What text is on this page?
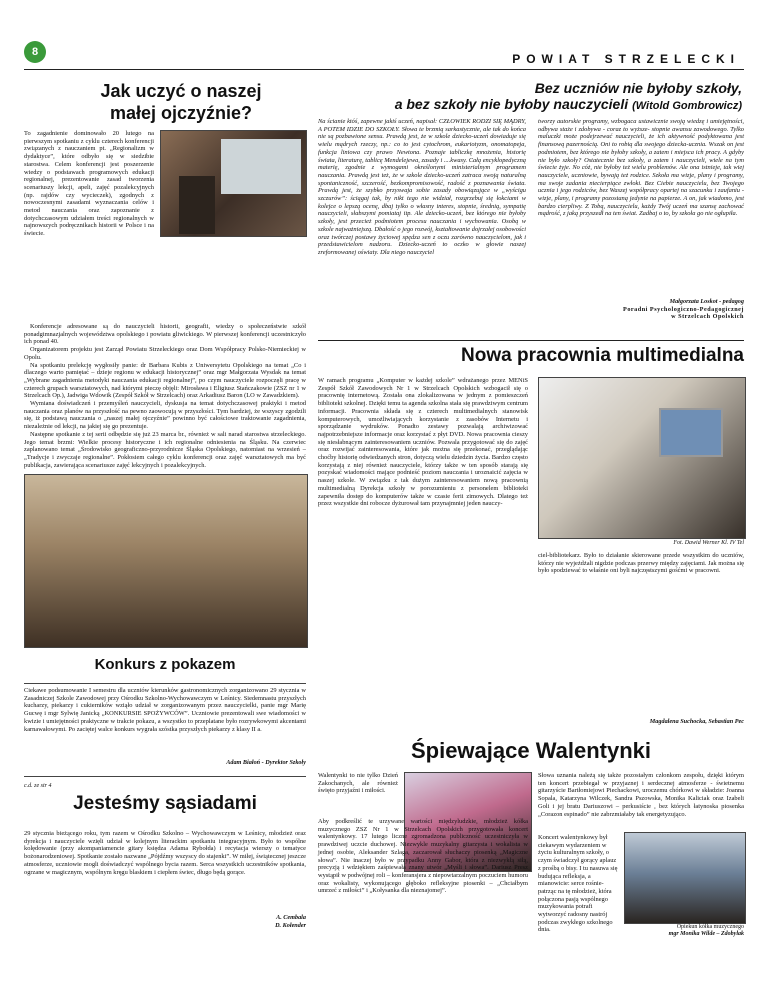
8	POWIAT STRZELECKI
Jak uczyć o naszej małej ojczyźnie?
To zagadnienie dominowało 20 lutego na pierwszym spotkaniu z cyklu czterech konferencji związanych z nauczaniem pt. „Regionalizm w dydaktyce”, które odbyło się w siedzibie starostwa. Celem konferencji jest poszerzenie wiedzy o podstawach programowych edukacji regionalnej, prezentowanie zasad tworzenia scenariuszy lekcji, apeli, zajęć pozalekcyjnych (np. rajdów czy wycieczek), zgodnych z nowoczesnymi zasadami wyznaczania celów i metod nauczania oraz zapoznanie z dotychczasowym udziałem treści regionalnych w najnowszych podręcznikach historii w Polsce i na świecie.

Konferencje adresowane są do nauczycieli historii, geografii, wiedzy o społeczeństwie szkół ponadgimnazjalnych województwa opolskiego i powiatu gliwickiego. W pierwszej konferencji uczestniczyło ich ponad 40.

Organizatorem projektu jest Zarząd Powiatu Strzeleckiego oraz Dom Współpracy Polsko-Niemieckiej w Opolu.

Na spotkaniu prelekcję wygłosiły panie: dr Barbara Kubis z Uniwersytetu Opolskiego na temat „Co i dlaczego warto pamiętać – dzieje regionu w edukacji historycznej” oraz mgr Małgorzata Wysdak na temat „Wybrane zagadnienia metodyki nauczania edukacji regionalnej”, po czym nauczyciele rozpoczęli pracę w czterech grupach warsztatowych, nad którymi pieczę objęli: Mirosława i Eligiusz Stańczakowie (ZSZ nr 1 w Strzelcach Op.), Jadwiga Wdowik (Zespół Szkół w Strzelcach) oraz Arkadiusz Baron (LO w Zawadzkiem).

Wymiana doświadczeń i przemyśleń nauczycieli, dyskusja na temat dotychczasowej praktyki i metod nauczania oraz planów na przyszłość na pewno zaowocują w przyszłości. Tym bardziej, że wszyscy zgodzili się, iż podstawą nauczania o „naszej małej ojczyźnie” powinno być całościowe traktowanie zagadnienia, niezależnie od lekcji, na jakiej się go prezentuje.

Następne spotkanie z tej serii odbędzie się już 23 marca br., również w sali narad starostwa strzeleckiego. Jego temat brzmi: Wielkie procesy historyczne i ich regionalne odniesienia na Śląsku. Na czerwiec zaplanowano temat „Środowisko geograficzno-przyrodnicze Śląska Opolskiego, natomiast na wrzesień – „Tradycje i zwyczaje regionalne”. Pokłosiem całego cyklu konferencji oraz zajęć warsztatowych ma być publikacja, zawierająca scenariusze zajęć lekcyjnych i pozalekcyjnych.

Bez uczniów nie byłoby szkoły,
a bez szkoły nie byłoby nauczycieli (Witold Gombrowicz)
Na ścianie któś, zapewne jakiś uczeń, napisał: CZŁOWIEK RODZI SIĘ MĄDRY, A POTEM IDZIE DO SZKOŁY. Słowa te brzmią sarkastycznie, ale tak do końca nie są pozbawione sensu. Prawdą jest, że w szkole dziecko-uczeń dowiaduje się wielu mądrych rzeczy, np.: co to jest cytochrom, eukariotyzm, onomatopeja, funkcja liniowa czy prawo Newtona. Poznaje tabliczkę mnożenia, historię świata, literaturę, tablicę Mendelejewa, zasady i ....kwasy. Całą encyklopedyczną materię, zgodnie z wymogami określonymi ministerialnym programem nauczania. Prawdą jest też, że w szkole dziecko-uczeń zatraca swoją naturalną spontaniczność, szczerość, bezkompromisowość, radość z poznawania świata. Prawdą jest, że szybko przyswaja sobie zasady obowiązujące w „wyścigu szczurów”: ściągaj tak, by nikt tego nie widział, rozgrzebuj się łokciami w kolejce o lepszą ocenę, dbaj tylko o własny interes, stopnie, średnią, sympatię nauczycieli, słabszymi pomiataj itp. Ale dziecko-uczeń, bez którego nie byłoby szkoły, jest przecież podmiotem procesu nauczania i wychowania. Osobą w szkole najważniejszą. Dbałość o jego rozwój, kształtowanie dojrzałej osobowości oraz twórczej postawy życiowej spędza sen z oczu zarówno nauczycielom, jak i przedstawicielom nadzoru. Dziecko-uczeń to oczko w głowie naszej zreformowanej oświaty. Dla niego nauczyciel
tworzy autorskie programy, wzbogaca ustawicznie swoją wiedzę i umiejętności, odbywa staże i zdobywa - coraz to wyższe- stopnie awansu zawodowego. Tylko maluczki może podejrzewać nauczycieli, że ich aktywność podyktowana jest finansową pazernością. Oni to robią dla swojego dziecka-ucznia. Wszak on jest podmiotem, bez którego nie byłoby szkoły, a zatem i miejsca ich pracy. A gdyby nie było szkoły? Ostatecznie bez szkoły, a zatem i nauczycieli, wiele na tym świecie żyje. No cóż, nie byłoby też wielu problemów. Ale ona istnieje, tak wiej nauczyciele, uczniowie, bywają też rodzice. Szkoła ma wizje, plany i programy, ma swoje zadania niecierpiące zwłoki. Bez Ciebie nauczycielu, bez Twojego ucznia i jego rodziców, bez Waszej współpracy opartej na szacunku i zaufaniu - wizje, plany, i programy pozostaną jedynie na papierze. A on, jak wiadomo, jest bardzo cierpliwy. Z Tobą, nauczycielu, każdy Twój uczeń ma szansę zachować mądrość, z jaką przyszedł na ten świat. Zadbaj o to, by szkoła go nie ogłupiła.
Małgorzata Loskot - pedagog
Poradni Psychologiczno-Pedagogicznej
w Strzelcach Opolskich
Nowa pracownia multimedialna
W ramach programu „Komputer w każdej szkole” wdrażanego przez MENiS Zespół Szkół Zawodowych Nr 1 w Strzelcach Opolskich wzbogacił się o pracownię internetową. Została ona zlokalizowana w jednym z pomieszczeń biblioteki szkolnej. Dzięki temu ta agenda szkolna stała się prawdziwym centrum informacji. Pracownia składa się z czterech multimedialnych stanowisk komputerowych, umożliwiających korzystanie z zasobów Internetu i sporządzanie wydruków. Ponadto zestawy pozwalają archiwizować najpotrzebniejsze informacje oraz korzystać z płyt DVD. Nowa pracownia cieszy się niesłabnącym zainteresowaniem uczniów. Pozwala przygotować się do zajęć oraz rozwijać zainteresowania, które jak można się przekonać, przeglądając choćby historię odwiedzanych stron, dotyczą wielu dziedzin życia. Bardzo często korzystają z niej również nauczyciele, którzy także w ten sposób starają się pozyskać wiadomości mające podnieść poziom nauczania i uroznaicić zajęcia w naszej szkole. W związku z tak dużym zainteresowaniem nową pracownią multimedialną Dyrekcja szkoły w porozumieniu z personelem biblioteki zapewniła dostęp do komputerów także w czasie ferii zimowych. Dlatego też przez wszystkie dni robocze dyżurował tam przynajmniej jeden nauczy-
Fot. Dawid Werner Kl. IV Tel
ciel-bibliotekarz. Było to działanie skierowane przede wszystkim do uczniów, którzy nie wyjeżdżali nigdzie podczas przerwy między zajęciami. Jak można się było spodziewać to właśnie oni byli najczęstszymi gośćmi w pracowni.
Magdalena Suchocka, Sebastian Pec
Konkurs z pokazem
Ciekawe podsumowanie I semestru dla uczniów kierunków gastronomicznych zorganizowano 29 stycznia w Zasadniczej Szkole Zawodowej przy Ośrodku Szkolno-Wychowawczym w Leśnicy. Siedemnastu przyszłych kucharzy, piekarzy i cukierników wziąło udział w zorganizowanym przez nauczycielki, panie mgr Marię Gucwę i mgr Sylwię Janicką „KONKURSIE SPOŻYWCÓW”. Uczniowie prezentowali swe wiadomości w kwizie i umiejętności praktyczne w trakcie pokazu, a wszystko to przeplatane było rozrywkowymi akcentami karnawałowymi. Po zaciętej walce konkurs wygrała szóstka przyszłych piekarzy z klasy II a.
Adam Białoń - Dyrektor Szkoły
c.d. ze str 4
Jesteśmy sąsiadami
29 stycznia bieżącego roku, tym razem w Ośrodku Szkolno – Wychowawczym w Leśnicy, młodzież oraz dyrekcja i nauczyciele wzięli udział w kolejnym literackim spotkaniu integracyjnym. Było to wspólne kolędowanie (przy akompaniamencie gitary księdza Adama Rybołda) i recytacja wierszy o tematyce bożonarodzeniowej. Spotkanie zostało nazwane „Pójdźmy wszyscy do stajenki”. W miłej, świątecznej jeszcze atmosferze, uczniowie mogli doświadczyć wspólnego bycia razem. Serca wszystkich uczestników spotkania, ogrzane w magicznym, wspólnym kręgu blaskiem i ciepłem świec, długo będą gorące.
A. Cembala
D. Kołender
Śpiewające Walentynki
Walentynki to nie tylko Dzień Zakochanych, ale również święto przyjaźni i miłości.
Aby podkreślić te urzywane wartości międzyludzkie, młodzież kółka muzycznego ZSZ Nr 1 w Strzelcach Opolskich przygotowała koncert walentynkowy. 17 lutego liczne zgromadzona publiczność uczestniczyła w prawdziwej uczcie duchowej. Niezwykle muzykalny gitarzysta i wokalista w jednej osobie, Aleksander Szlaga, zaczarował słuchaczy piosenką „Magiczne słowa”. Nie inaczej było w przypadku Anny Gabor, która z niezwykłą siłą, precyzją i wdziękiem zaśpiewała znany utwór „Myśli i słowa”. Dariusz Presz wystąpił w podwójnej roli – konferansjera z niepowtarzalnym poczuciem humoru oraz wokalisty, wykonującego głęboko refleksyjne piosenki – „Chciałbym umrzeć z miłości” i „Kołysanka dla nieznajomej”.
Słowa uznania należą się także pozostałym członkom zespołu, dzięki którym ten koncert przebiegał w przyjaznej i serdecznej atmosferze - świetnemu gitarzyście Bartłomiejowi Piechackowi, uroczemu chórkowi w składzie: Joanna Sopala, Katarzyna Wilczek, Sandra Pszowska, Monika Kaliciak oraz Izabeli Goli i jej bratu Dariuszowi – perkusiście , bez których łatynoska piosenka „Corazon espinado” nie zabrzmiałaby tak energetyzująco.
Koncert walentynkowy był ciekawym wydarzeniem w życiu kulturalnym szkoły, o czym świadczył gorący aplauz z prośbą o bisy. I tu nasuwa się budująca refleksja, a mianowicie: serce rośnie- patrząc na tę młodzież, która połączona pasją wspólnego muzykowania potrafi wytworzyć radosny nastrój podczas zwykłego szkolnego dnia.	Opiekun kółka muzycznego
mgr Monika Wilde – Zdobylak
